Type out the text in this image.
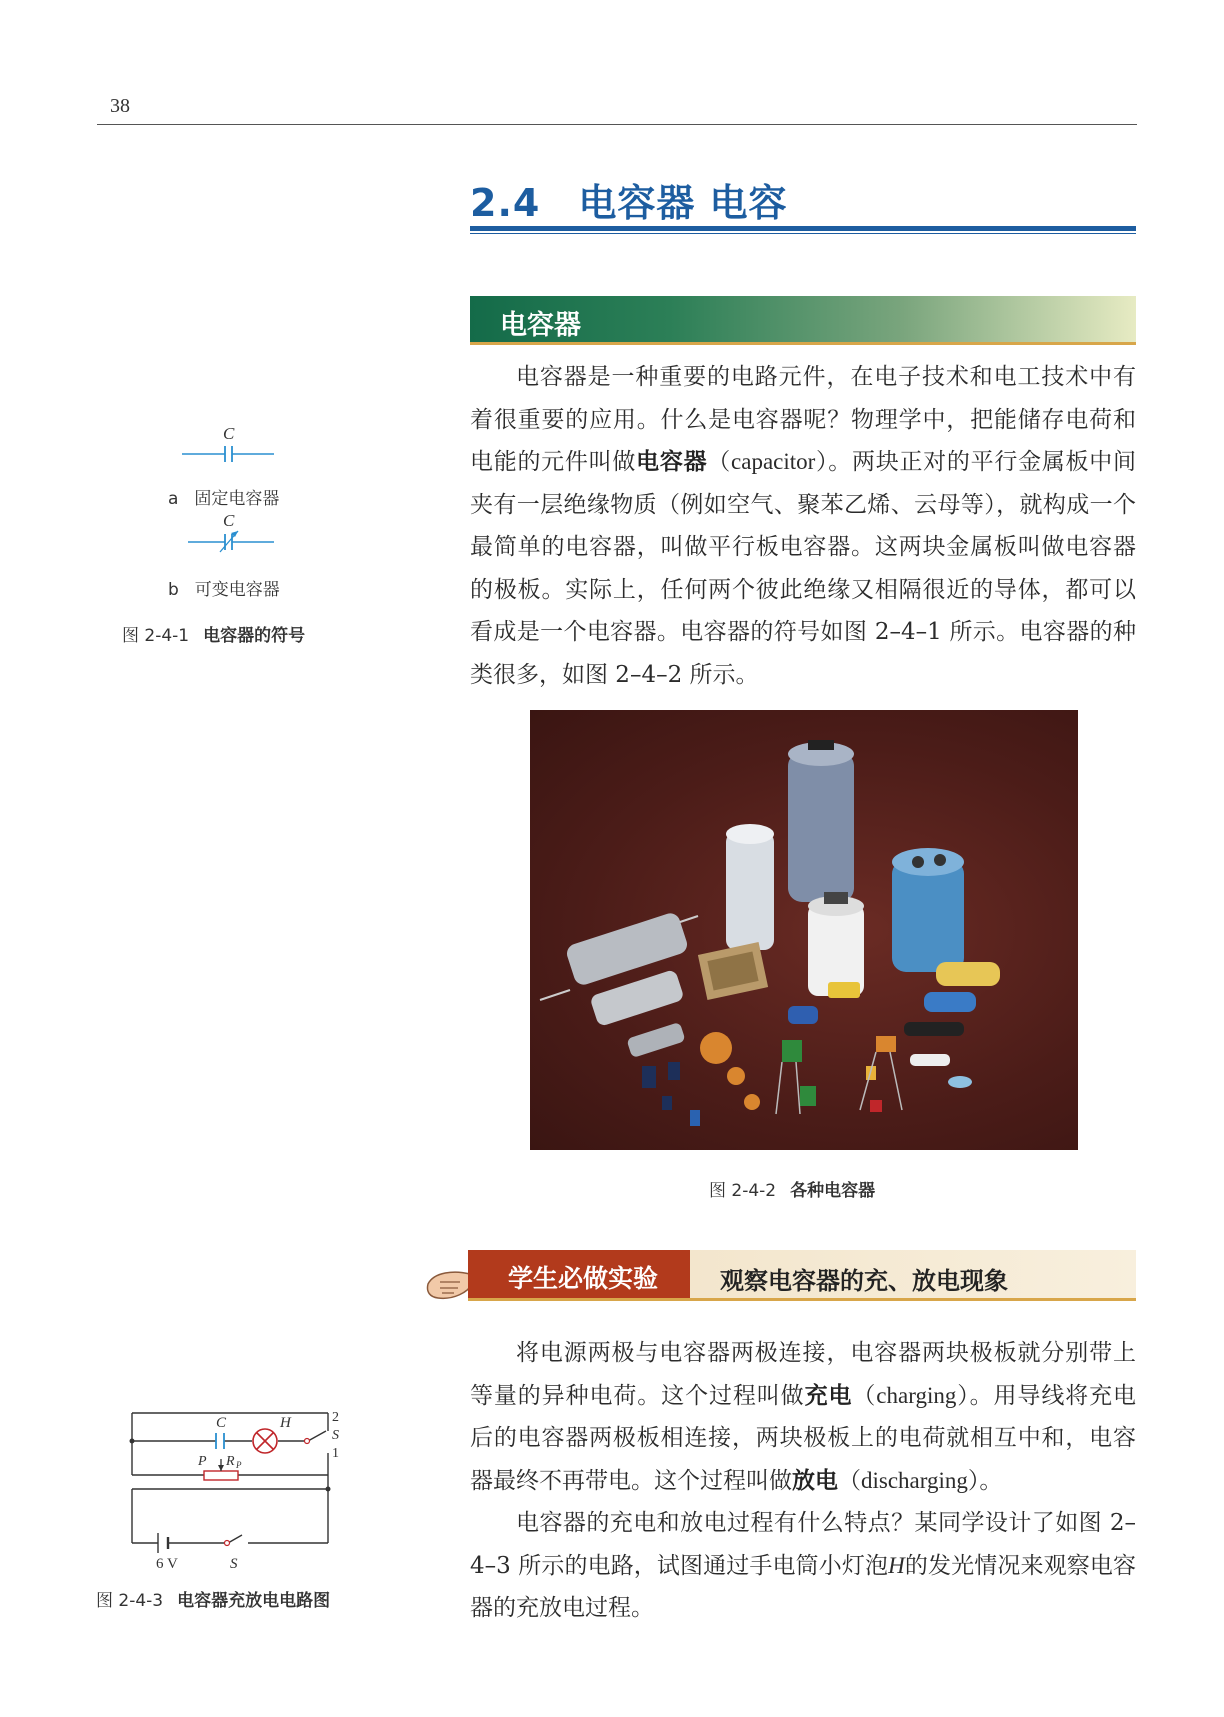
38
2.4 电容器 电容
电容器

电容器是一种重要的电路元件，在电子技术和电工技术中有着很重要的应用。什么是电容器呢？物理学中，把能储存电荷和电能的元件叫做电容器（capacitor）。两块正对的平行金属板中间夹有一层绝缘物质（例如空气、聚苯乙烯、云母等），就构成一个最简单的电容器，叫做平行板电容器。这两块金属板叫做电容器的极板。实际上，任何两个彼此绝缘又相隔很近的导体，都可以看成是一个电容器。电容器的符号如图 2–4–1 所示。电容器的种类很多，如图 2–4–2 所示。

C
a 固定电容器
C
b 可变电容器
图 2-4-1 电容器的符号
图 2-4-2 各种电容器
学生必做实验	观察电容器的充、放电现象

将电源两极与电容器两极连接，电容器两块极板就分别带上等量的异种电荷。这个过程叫做充电（charging）。用导线将充电后的电容器两极板相连接，两块极板上的电荷就相互中和，电容器最终不再带电。这个过程叫做放电（discharging）。

电容器的充电和放电过程有什么特点？某同学设计了如图 2–4–3 所示的电路，试图通过手电筒小灯泡H的发光情况来观察电容器的充放电过程。

C	H	2
S
1
P R P
6 V	S
图 2-4-3 电容器充放电电路图
